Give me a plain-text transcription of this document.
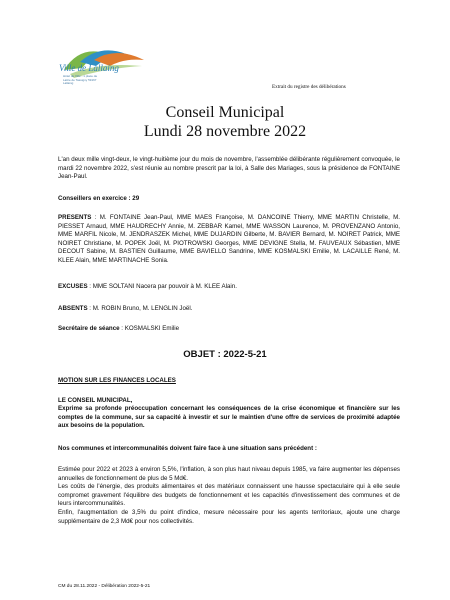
Ville de Lallaing
Hôtel de Ville - 1 place de Lattre de Tassigny 59167 Lallaing
Extrait du registre des délibérations
Conseil Municipal
Lundi 28 novembre 2022

L'an deux mille vingt-deux, le vingt-huitième jour du mois de novembre, l'assemblée délibérante régulièrement convoquée, le mardi 22 novembre 2022, s'est réunie au nombre prescrit par la loi, à Salle des Mariages, sous la présidence de FONTAINE Jean-Paul.

Conseillers en exercice : 29

PRESENTS : M. FONTAINE Jean-Paul, MME MAES Françoise, M. DANCOINE Thierry, MME MARTIN Christelle, M. PIESSET Arnaud, MME HAUDRECHY Annie, M. ZEBBAR Kamel, MME WASSON Laurence, M. PROVENZANO Antonio, MME MARFIL Nicole, M. JENDRASZEK Michel, MME DUJARDIN Gilberte, M. BAVIER Bernard, M. NOIRET Patrick, MME NOIRET Christiane, M. POPEK Joël, M. PIOTROWSKI Georges, MME DEVIGNE Stella, M. FAUVEAUX Sébastien, MME DECOUT Sabine, M. BASTIEN Guillaume, MME BAVIELLO Sandrine, MME KOSMALSKI Emilie, M. LACAILLE René, M. KLEE Alain, MME MARTINACHE Sonia.

EXCUSES : MME SOLTANI Nacera par pouvoir à M. KLEE Alain.

ABSENTS : M. ROBIN Bruno, M. LENGLIN Joël.

Secrétaire de séance : KOSMALSKI Emilie

OBJET : 2022-5-21

MOTION SUR LES FINANCES LOCALES

LE CONSEIL MUNICIPAL,

Exprime sa profonde préoccupation concernant les conséquences de la crise économique et financière sur les comptes de la commune, sur sa capacité à investir et sur le maintien d'une offre de services de proximité adaptée aux besoins de la population.

Nos communes et intercommunalités doivent faire face à une situation sans précédent :

Estimée pour 2022 et 2023 à environ 5,5%, l'inflation, à son plus haut niveau depuis 1985, va faire augmenter les dépenses annuelles de fonctionnement de plus de 5 Md€.

Les coûts de l'énergie, des produits alimentaires et des matériaux connaissent une hausse spectaculaire qui à elle seule compromet gravement l'équilibre des budgets de fonctionnement et les capacités d'investissement des communes et de leurs intercommunalités.

Enfin, l'augmentation de 3,5% du point d'indice, mesure nécessaire pour les agents territoriaux, ajoute une charge supplémentaire de 2,3 Md€ pour nos collectivités.

CM du 28.11.2022 - Délibération 2022-5-21
